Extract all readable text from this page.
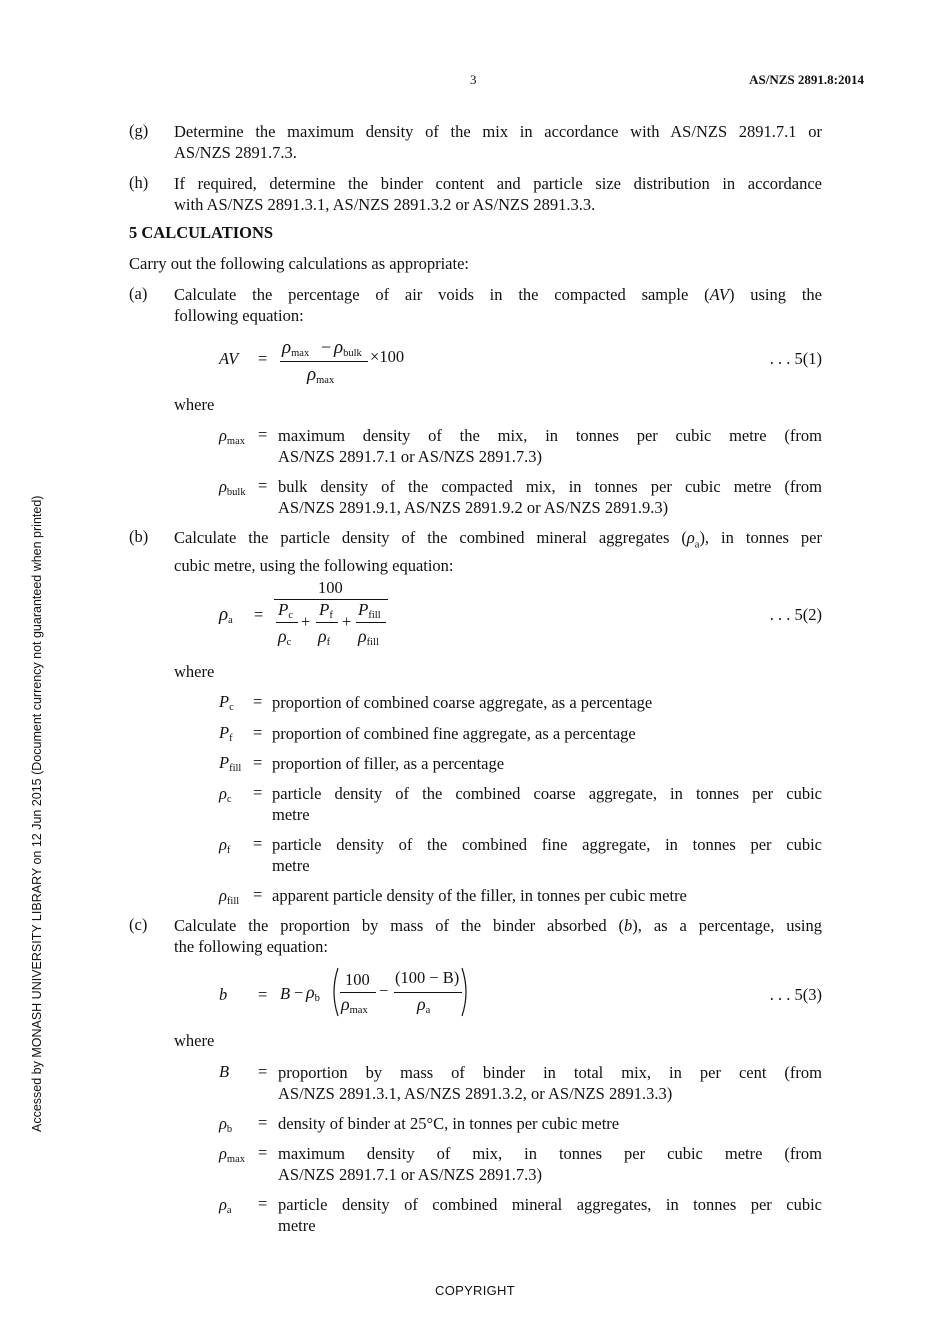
3	AS/NZS 2891.8:2014
Accessed by MONASH UNIVERSITY LIBRARY on 12 Jun 2015 (Document currency not guaranteed when printed)
(g) Determine the maximum density of the mix in accordance with AS/NZS 2891.7.1 or
AS/NZS 2891.7.3.
(h) If required, determine the binder content and particle size distribution in accordance
with AS/NZS 2891.3.1, AS/NZS 2891.3.2 or AS/NZS 2891.3.3.
5 CALCULATIONS
Carry out the following calculations as appropriate:
(a) Calculate the percentage of air voids in the compacted sample (AV) using the
following equation:
AV =
$\rho_{max} - \rho_{bulk} \times 100$
$\rho_{max}$
. . . 5(1)
where
$\rho_{max}$ = maximum density of the mix, in tonnes per cubic metre (from
AS/NZS 2891.7.1 or AS/NZS 2891.7.3)
$\rho_{bulk}$ = bulk density of the compacted mix, in tonnes per cubic metre (from
AS/NZS 2891.9.1, AS/NZS 2891.9.2 or AS/NZS 2891.9.3)
(b) Calculate the particle density of the combined mineral aggregates $(\rho_a)$, in tonnes per
cubic metre, using the following equation:
$\rho_a$ =
100
$P_c$
$\rho_c$
+
$P_f$
$\rho_f$
+
$P_{fill}$
$\rho_{fill}$
. . . 5(2)
where
$P_c$ = proportion of combined coarse aggregate, as a percentage
$P_f$ = proportion of combined fine aggregate, as a percentage
$P_{fill}$ = proportion of filler, as a percentage
$\rho_c$ = particle density of the combined coarse aggregate, in tonnes per cubic
metre
$\rho_f$ = particle density of the combined fine aggregate, in tonnes per cubic
metre
$\rho_{fill}$ = apparent particle density of the filler, in tonnes per cubic metre
(c) Calculate the proportion by mass of the binder absorbed (b), as a percentage, using
the following equation:
$b = B - \rho_b$
100
$\rho_{max}$
−
(100 − B)
$\rho_a$
. . . 5(3)
where
B = proportion by mass of binder in total mix, in per cent (from
AS/NZS 2891.3.1, AS/NZS 2891.3.2, or AS/NZS 2891.3.3)
$\rho_b$ = density of binder at 25°C, in tonnes per cubic metre
$\rho_{max}$ = maximum density of mix, in tonnes per cubic metre (from
AS/NZS 2891.7.1 or AS/NZS 2891.7.3)
$\rho_a$ = particle density of combined mineral aggregates, in tonnes per cubic
metre
COPYRIGHT
